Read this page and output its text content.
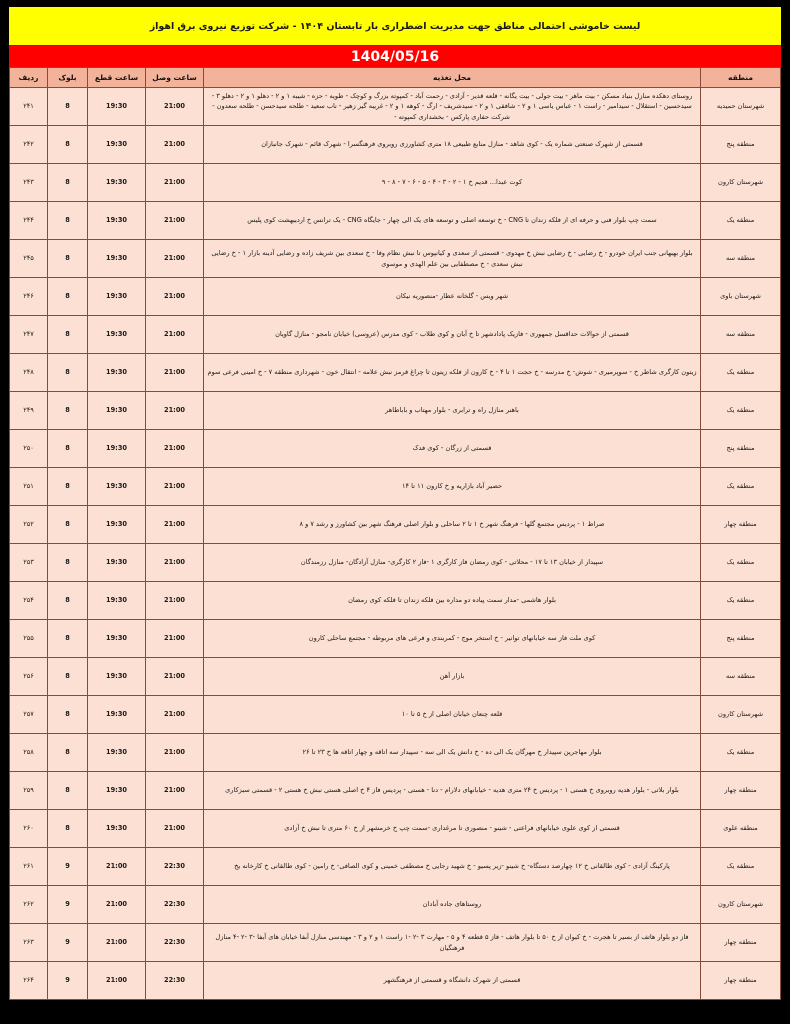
لیست خاموشی احتمالی مناطق جهت مدیریت اضطراری بار تابستان ۱۴۰۴ - شرکت توزیع نیروی برق اهواز
1404/05/16
منطقه	محل تغذیه	ساعت وصل	ساعت قطع	بلوک	ردیف
شهرستان حمیدیه	روستای دهکده منازل بنیاد مسکن - بیت ماهر - بیت جولی - بیت یگانه - قلعه قدیر - آزادی - رحمت آباد - کمپوته بزرگ و کوچک - طویه - حزه - شیبه ۱ و ۲ - دهلو ۱ و ۲ - دهلو ۳ - سیدحسین - استقلال - سیدامیر - راست ۱ - عباس یاسی ۱ و ۲ - شافقی ۱ و ۲ - سیدشریف - ارگ - کوهه ۱ و ۲ - غریبه گیر زهیر - ناب سعید - طلحه سیدحسن - طلحه سعدون - شرکت حفاری پارکس - بخشداری کمپوته -	21:00	19:30	8	۲۴۱
منطقه پنج	قسمتی از شهرک صنعتی شماره یک - کوی شاهد - منازل منابع طبیعی ۱۸ متری کشاورزی روبروی فرهنگسرا - شهرک قائم - شهرک جانبازان	21:00	19:30	8	۲۴۲
شهرستان کارون	کوت عبدا... قدیم خ ۱ - ۲ - ۳ - ۴ - ۵ - ۶ - ۷ - ۸ - ۹	21:00	19:30	8	۲۴۳
منطقه یک	سمت چپ بلوار فنی و حرفه ای از فلکه زندان تا CNG - خ توسعه اصلی و توسعه های یک الی چهار - جایگاه CNG - یک ترانس خ اردیبهشت کوی پلیس	21:00	19:30	8	۲۴۴
منطقه سه	بلوار بهبهانی جنب ایران خودرو - خ رضایی - خ رضایی نبش خ مهدوی - قسمتی از سعدی و کیانپوس تا نبش نظام وفا - خ سعدی بین شریف زاده و رضایی آدینه بازار ۱ - خ رضایی نبش سعدی - خ مصطفایی بین علم الهدی و موسوی	21:00	19:30	8	۲۴۵
شهرستان باوی	شهر ویس - گلخانه عطار -منصوریه نیکان	21:00	19:30	8	۲۴۶
منطقه سه	قسمتی از حوالات حداقسل جمهوری - فازیک پادادشهر تا خ آبان و کوی طلاب - کوی مدرس (عروسی) خیابان نامجو - منازل گاویان	21:00	19:30	8	۲۴۷
منطقه یک	زیتون کارگری شاطر خ - سوپرمیری - شوش- خ مدرسه - خ حجت ۱ تا ۴ - خ کارون از فلکه زیتون تا چراغ قرمز نبش علامه - انتقال خون - شهرداری منطقه ۷ - خ امینی فرعی سوم	21:00	19:30	8	۲۴۸
منطقه یک	باهنر منازل راه و ترابری - بلوار مهتاب و باباطاهر	21:00	19:30	8	۲۴۹
منطقه پنج	قسمتی از زرگان - کوی فدک	21:00	19:30	8	۲۵۰
منطقه یک	حصیر آباد بازاریه و خ کارون ۱۱ تا ۱۴	21:00	19:30	8	۲۵۱
منطقه چهار	صراط ۱ - پردیس مجتمع گلها - فرهنگ شهر خ ۱ تا ۲ ساحلی و بلوار اصلی فرهنگ شهر بین کشاورز و رشد ۷ و ۸	21:00	19:30	8	۲۵۲
منطقه یک	سپیدار از خیابان ۱۳ تا ۱۷ - محلاتی - کوی رمضان فاز کارگری ۱ -فاز ۲ کارگری- منازل آزادگان- منازل رزمندگان	21:00	19:30	8	۲۵۳
منطقه یک	بلوار هاشمی -مدار سمت پیاده دو مداره بین فلکه زندان تا فلکه کوی رمضان	21:00	19:30	8	۲۵۴
منطقه پنج	کوی ملت فاز سه خیابانهای توانیر - خ استخر موج - کمربندی و فرعی های مربوطه - مجتمع ساحلی کارون	21:00	19:30	8	۲۵۵
منطقه سه	بازار آهن	21:00	19:30	8	۲۵۶
شهرستان کارون	قلعه چنعان خیابان اصلی از خ ۵ تا ۱۰	21:00	19:30	8	۲۵۷
منطقه یک	بلوار مهاجرین سپیدار خ مهرگان یک الی ده - خ دانش یک الی سه - سپیدار سه اتاقه و چهار اتاقه ها خ ۲۳ تا ۲۶	21:00	19:30	8	۲۵۸
منطقه چهار	بلوار بلاتی - بلوار هدیه روبروی خ هستی ۱ - پردیس خ ۲۴ متری هدیه - خیابانهای دلارام - دنا - هستی - پردیس فاز ۴ خ اصلی هستی نبش خ هستی ۲ - قسمتی سبزکاری	21:00	19:30	8	۲۵۹
منطقه علوی	قسمتی از کوی علوی خیابانهای فراعتی - شینو - منصوری تا مرغداری -سمت چپ خ خرمشهر از خ ۶۰ متری تا نبش خ آزادی	21:00	19:30	8	۲۶۰
منطقه یک	پارکینگ آزادی - کوی طالقانی خ ۱۲ چهارصد دستگاه- خ شینو -زیر پسیو - خ شهید رجایی خ مصطفی خمینی و کوی الصافی- خ رامین - کوی طالقانی خ کارخانه یخ	22:30	21:00	9	۲۶۱
شهرستان کارون	روستاهای جاده آبادان	22:30	21:00	9	۲۶۲
منطقه چهار	فاز دو بلوار هاتف از بسیر تا هجرت - خ کیوان از خ ۵۰ تا بلوار هاتف - فاز ۵ قطعه ۴ و ۵ - مهارت ۳ -۲ -۱ راست ۱ و ۲ و ۳ - مهندسی منازل آبفا خیابان های آبفا -۳ -۲ -۴ منازل فرهنگیان	22:30	21:00	9	۲۶۳
منطقه چهار	قسمتی از شهرک دانشگاه و قسمتی از فرهنگشهر	22:30	21:00	9	۲۶۴
